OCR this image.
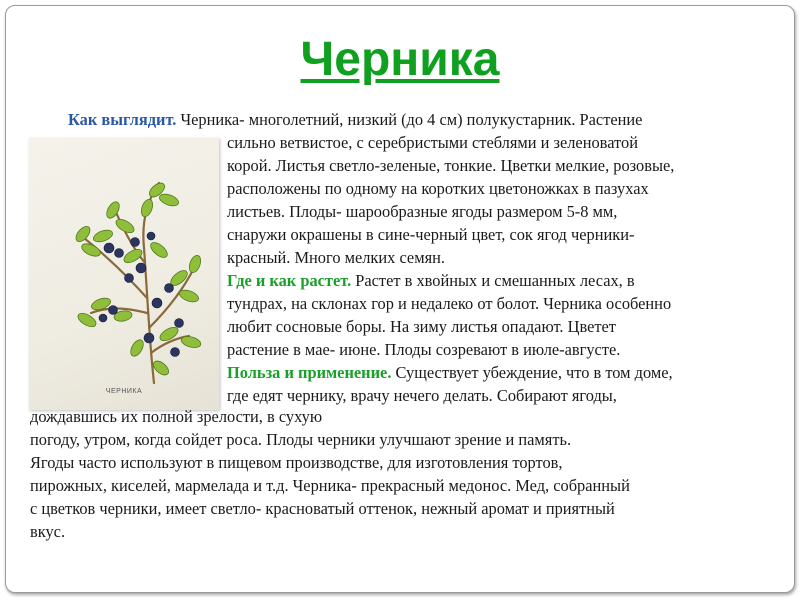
Черника
ЧЕРНИКА
Как выглядит. Черника- многолетний, низкий (до 4 см) полукустарник. Растение
сильно ветвистое, с серебристыми стеблями и зеленоватой
корой. Листья светло-зеленые, тонкие. Цветки мелкие, розовые,
расположены по одному на коротких цветоножках в пазухах
листьев. Плоды- шарообразные ягоды размером 5-8 мм,
снаружи окрашены в сине-черный цвет, сок ягод черники-
красный. Много мелких семян.
Где и как растет. Растет в хвойных и смешанных лесах, в
тундрах, на склонах гор и недалеко от болот. Черника особенно
любит сосновые боры. На зиму листья опадают. Цветет
растение в мае- июне. Плоды созревают в июле-августе.
Польза и применение. Существует убеждение, что в том доме,
где едят чернику, врачу нечего делать. Собирают ягоды,
дождавшись их полной зрелости, в сухую
погоду, утром, когда сойдет роса. Плоды черники улучшают зрение и память.
Ягоды часто используют в пищевом производстве, для изготовления тортов,
пирожных, киселей, мармелада и т.д. Черника- прекрасный медонос. Мед, собранный
с цветков черники, имеет светло- красноватый оттенок, нежный аромат и приятный
вкус.
